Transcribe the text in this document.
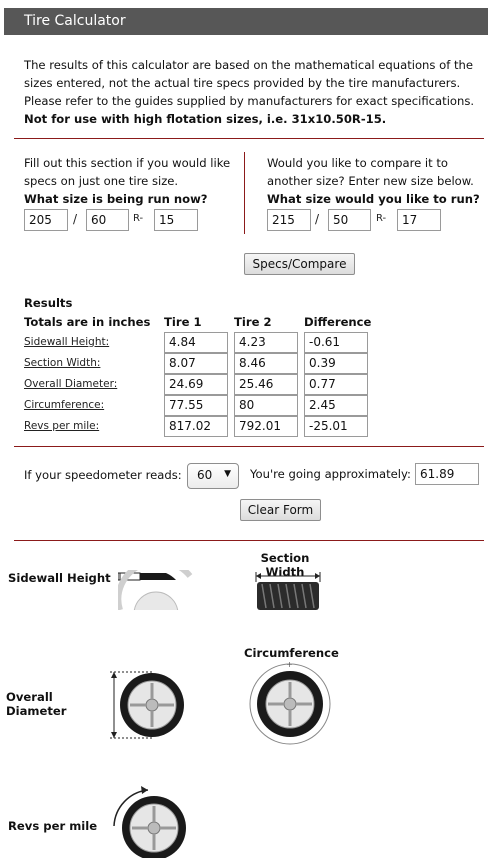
Tire Calculator
The results of this calculator are based on the mathematical equations of the sizes entered, not the actual tire specs provided by the tire manufacturers. Please refer to the guides supplied by manufacturers for exact specifications. Not for use with high flotation sizes, i.e. 31x10.50R-15.
Fill out this section if you would like specs on just one tire size.
What size is being run now?
205	/	60	R-	15
Would you like to compare it to another size? Enter new size below.
What size would you like to run?
215	/	50	R-	17
Specs/Compare
Results
Totals are in inches Tire 1	Tire 2	Difference
Sidewall Height:	4.84	4.23	-0.61
Section Width:	8.07	8.46	0.39
Overall Diameter:	24.69	25.46	0.77
Circumference:	77.55	80	2.45
Revs per mile:	817.02	792.01	-25.01
If your speedometer reads:	60 ▼ You're going approximately: 61.89
Clear Form
Sidewall Height
Section
Width
Overall
Diameter
Circumference
+
Revs per mile
